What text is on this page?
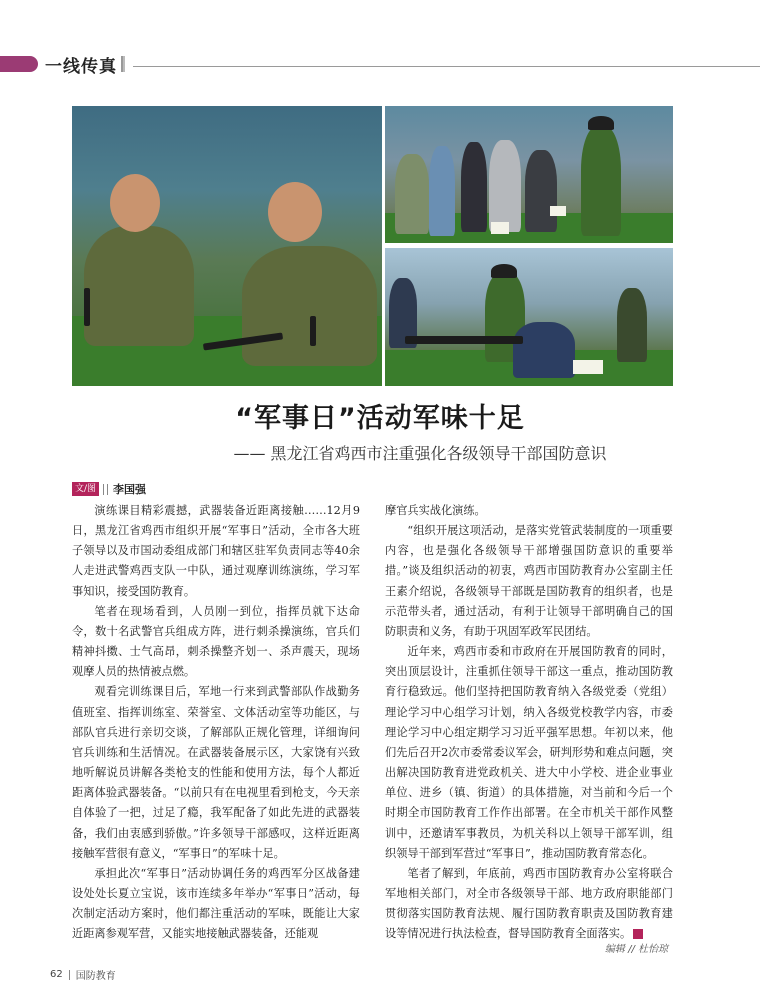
一线传真
“军事日”活动军味十足
—— 黑龙江省鸡西市注重强化各级领导干部国防意识
文/图 李国强

演练课目精彩震撼，武器装备近距离接触……12月9日，黑龙江省鸡西市组织开展“军事日”活动，全市各大班子领导以及市国动委组成部门和辖区驻军负责同志等40余人走进武警鸡西支队一中队，通过观摩训练演练，学习军事知识，接受国防教育。

笔者在现场看到，人员刚一到位，指挥员就下达命令，数十名武警官兵组成方阵，进行刺杀操演练，官兵们精神抖擞、士气高昂，刺杀操整齐划一、杀声震天，现场观摩人员的热情被点燃。

观看完训练课目后，军地一行来到武警部队作战勤务值班室、指挥训练室、荣誉室、文体活动室等功能区，与部队官兵进行亲切交谈，了解部队正规化管理，详细询问官兵训练和生活情况。在武器装备展示区，大家饶有兴致地听解说员讲解各类枪支的性能和使用方法，每个人都近距离体验武器装备。“以前只有在电视里看到枪支，今天亲自体验了一把，过足了瘾，我军配备了如此先进的武器装备，我们由衷感到骄傲。”许多领导干部感叹，这样近距离接触军营很有意义，“军事日”的军味十足。

承担此次“军事日”活动协调任务的鸡西军分区战备建设处处长夏立宝说，该市连续多年举办“军事日”活动，每次制定活动方案时，他们都注重活动的军味，既能让大家近距离参观军营，又能实地接触武器装备，还能观

摩官兵实战化演练。

“组织开展这项活动，是落实党管武装制度的一项重要内容，也是强化各级领导干部增强国防意识的重要举措。”谈及组织活动的初衷，鸡西市国防教育办公室副主任王素介绍说，各级领导干部既是国防教育的组织者，也是示范带头者，通过活动，有利于让领导干部明确自己的国防职责和义务，有助于巩固军政军民团结。

近年来，鸡西市委和市政府在开展国防教育的同时，突出顶层设计，注重抓住领导干部这一重点，推动国防教育行稳致远。他们坚持把国防教育纳入各级党委（党组）理论学习中心组学习计划，纳入各级党校教学内容，市委理论学习中心组定期学习习近平强军思想。年初以来，他们先后召开2次市委常委议军会，研判形势和难点问题，突出解决国防教育进党政机关、进大中小学校、进企业事业单位、进乡（镇、街道）的具体措施，对当前和今后一个时期全市国防教育工作作出部署。在全市机关干部作风整训中，还邀请军事教员，为机关科以上领导干部军训，组织领导干部到军营过“军事日”，推动国防教育常态化。

笔者了解到，年底前，鸡西市国防教育办公室将联合军地相关部门，对全市各级领导干部、地方政府职能部门贯彻落实国防教育法规、履行国防教育职责及国防教育建设等情况进行执法检查，督导国防教育全面落实。	G

编辑 // 杜怡琼
62 国防教育
